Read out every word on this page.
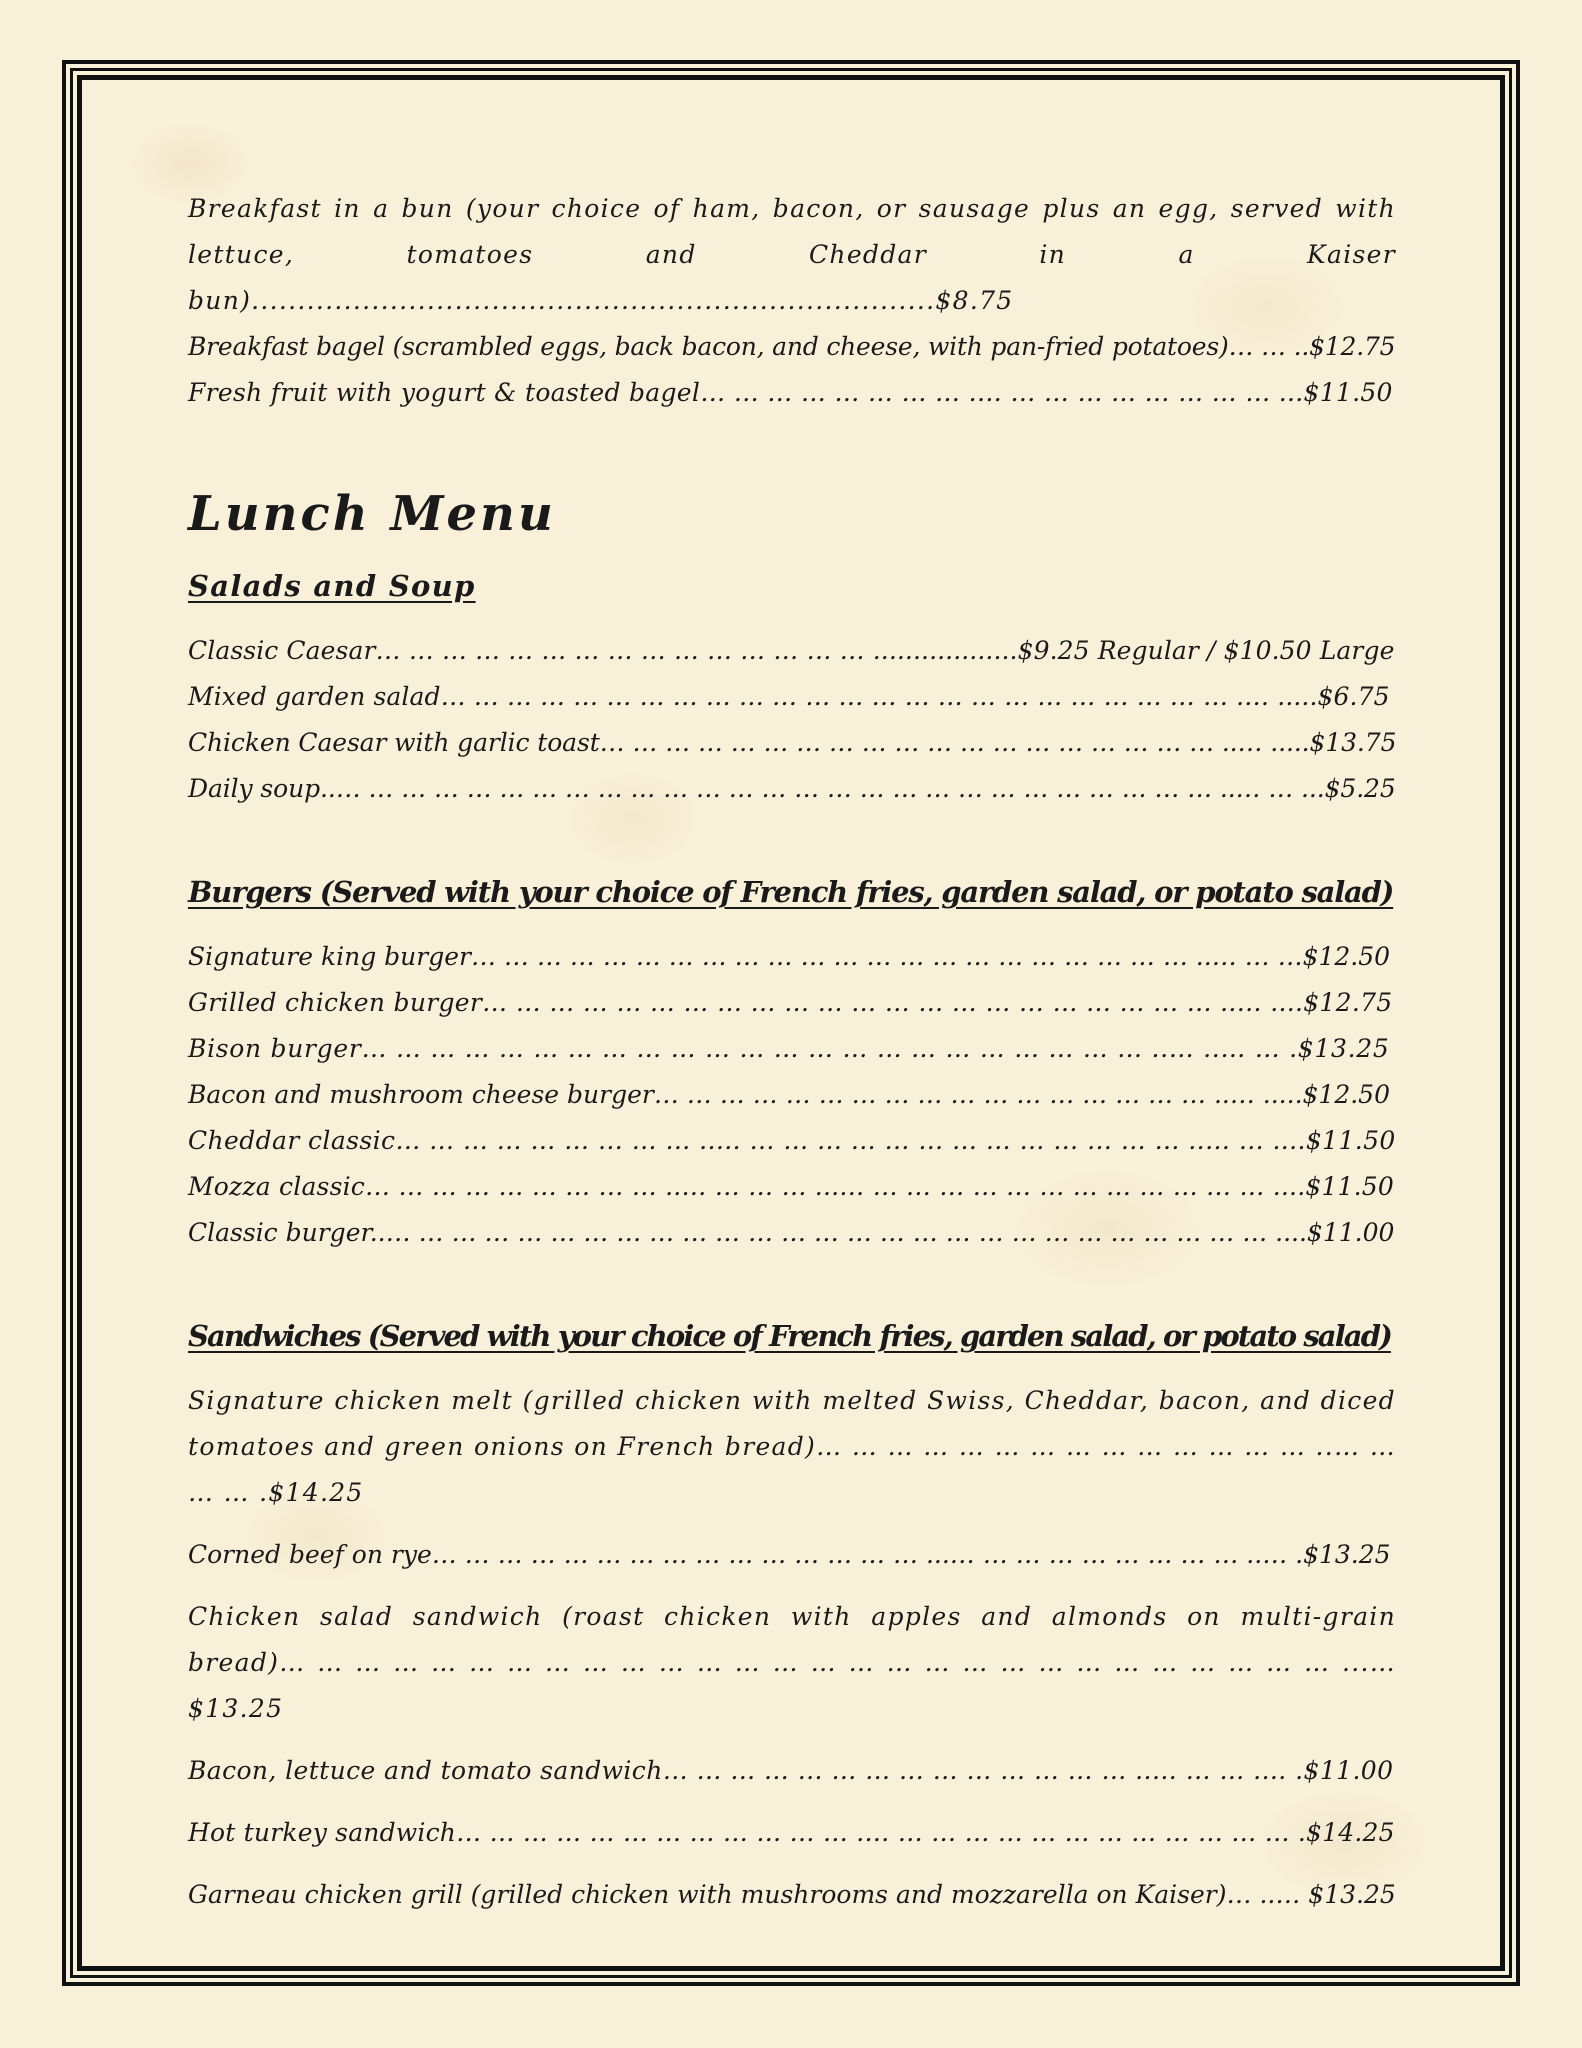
Breakfast in a bun (your choice of ham, bacon, or sausage plus an egg, served with lettuce, tomatoes and Cheddar in a Kaiser bun)..........................................................................$8.75

Breakfast bagel (scrambled eggs, back bacon, and cheese, with pan-fried potatoes)… … ..$12.75

Fresh fruit with yogurt & toasted bagel… … … … … … … … .… … … … … … … … … ...$11.50

Lunch Menu
Salads and Soup

Classic Caesar… … … … … … … … … … … … … … … ..................$9.25 Regular / $10.50 Large

Mixed garden salad… … … … … … … … … … … … … … … … … … … … … … … … .… .....$6.75

Chicken Caesar with garlic toast… … … … … … … … … … … … … … … … … … … ..… .....$13.75

Daily soup..… … … … … … … … … … … … … … … … … … … … … … … … … … … ..… … ...$5.25

Burgers (Served with your choice of French fries, garden salad, or potato salad)

Signature king burger… … … … … … … … … … … … … … … … … … … … … … ..… … …$12.50

Grilled chicken burger… … … … … … … … … … … … … … … … … … … … … … ..… ....$12.75

Bison burger… … … … … … … … … … … … … … … … … … … … … … … ..… ..… … .$13.25

Bacon and mushroom cheese burger… … … … … … … … … … … … … … … … … ..… .....$12.50

Cheddar classic… … … … … … … … … ..… … … … … … … … … … … … … … ..… … ....$11.50

Mozza classic… … … … … … … … … ..… … … … ...… … … … … … … … … … … … … ....$11.50

Classic burger..… … … … … … … … … … … … … … … … … … … … … … … … … … … ....$11.00

Sandwiches (Served with your choice of French fries, garden salad, or potato salad)

Signature chicken melt (grilled chicken with melted Swiss, Cheddar, bacon, and diced tomatoes and green onions on French bread)… … … … … … … … … … … … … … ..… … … … .$14.25

Corned beef on rye… … … … … … … … … … … … … … … ...… … … … … … … … … ..… .$13.25

Chicken salad sandwich (roast chicken with apples and almonds on multi-grain bread)… … … … … … … … … … … … … … … … … … … … … … … … … … … … ...… $13.25

Bacon, lettuce and tomato sandwich… … … … … … … … … … … … … … ..… … … .… .$11.00

Hot turkey sandwich… … … … … … … … … … … … .… … … … … … … … … … … … … .$14.25

Garneau chicken grill (grilled chicken with mushrooms and mozzarella on Kaiser)… ..… $13.25
